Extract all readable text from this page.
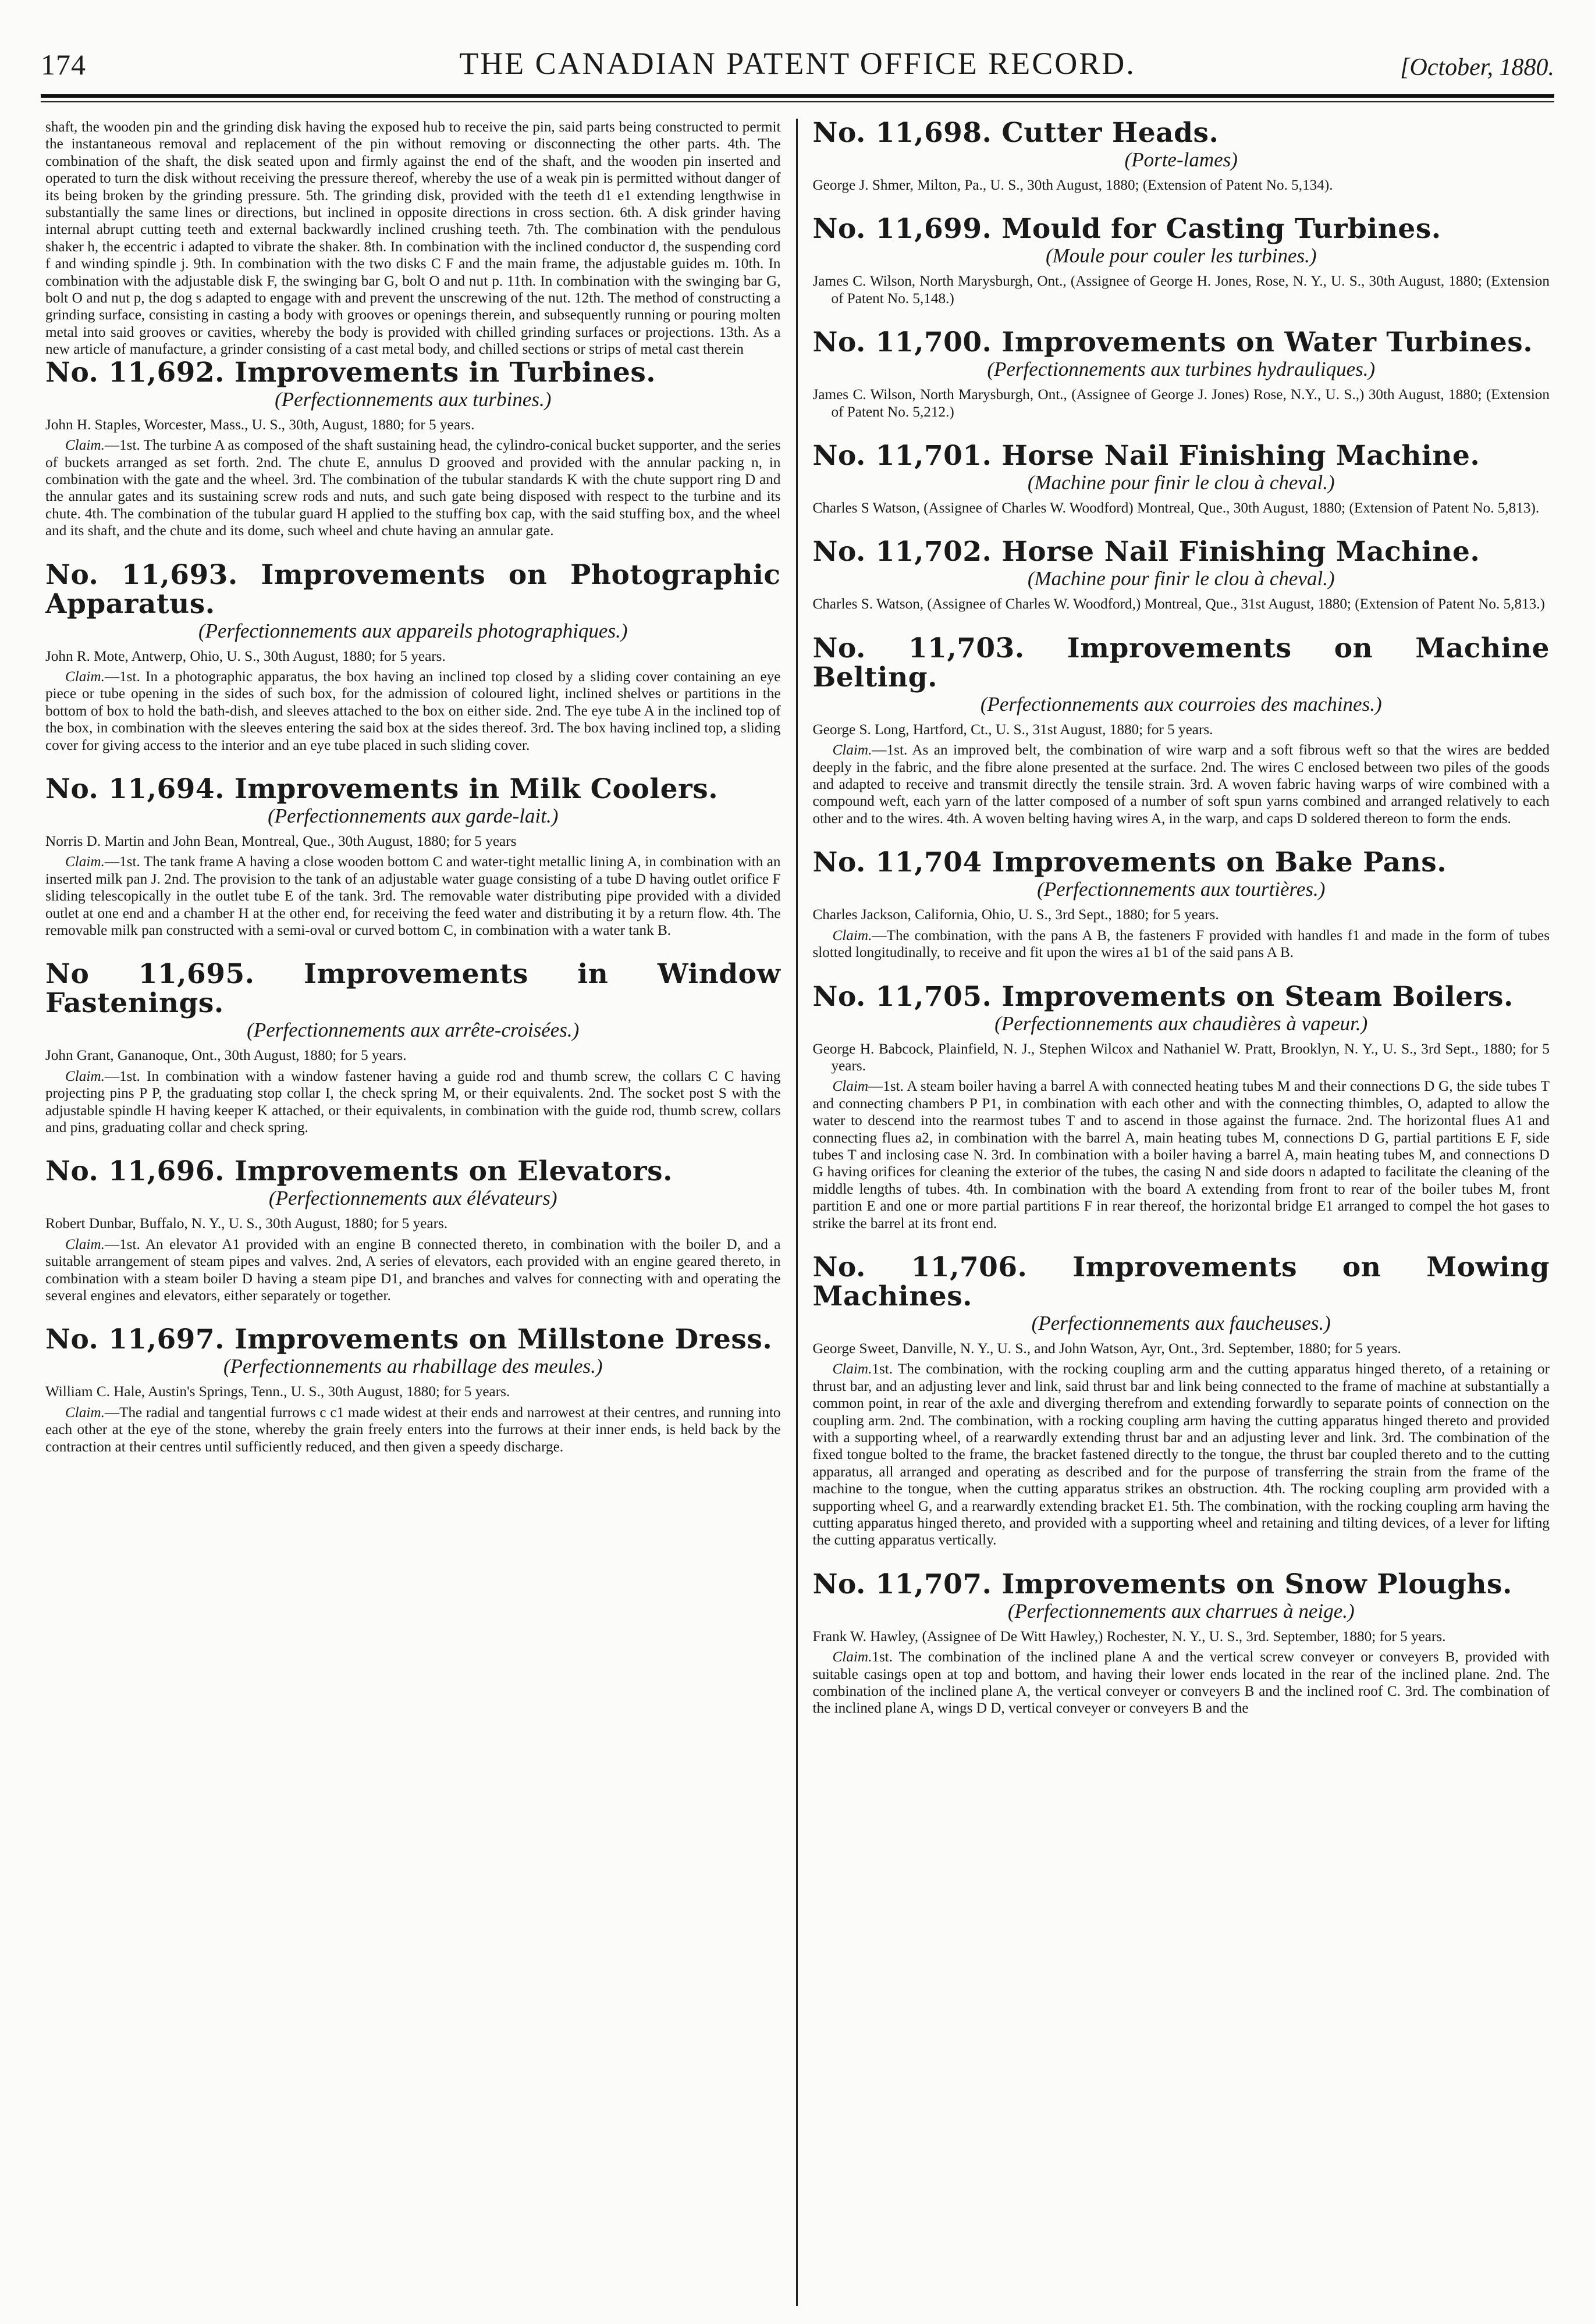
174	THE CANADIAN PATENT OFFICE RECORD.	[October, 1880.

shaft, the wooden pin and the grinding disk having the exposed hub to receive the pin, said parts being constructed to permit the instantaneous removal and replacement of the pin without removing or disconnecting the other parts. 4th. The combination of the shaft, the disk seated upon and firmly against the end of the shaft, and the wooden pin inserted and operated to turn the disk without receiving the pressure thereof, whereby the use of a weak pin is permitted without danger of its being broken by the grinding pressure. 5th. The grinding disk, provided with the teeth d1 e1 extending lengthwise in substantially the same lines or directions, but inclined in opposite directions in cross section. 6th. A disk grinder having internal abrupt cutting teeth and external backwardly inclined crushing teeth. 7th. The combination with the pendulous shaker h, the eccentric i adapted to vibrate the shaker. 8th. In combination with the inclined conductor d, the suspending cord f and winding spindle j. 9th. In combination with the two disks C F and the main frame, the adjustable guides m. 10th. In combination with the adjustable disk F, the swinging bar G, bolt O and nut p. 11th. In combination with the swinging bar G, bolt O and nut p, the dog s adapted to engage with and prevent the unscrewing of the nut. 12th. The method of constructing a grinding surface, consisting in casting a body with grooves or openings therein, and subsequently running or pouring molten metal into said grooves or cavities, whereby the body is provided with chilled grinding surfaces or projections. 13th. As a new article of manufacture, a grinder consisting of a cast metal body, and chilled sections or strips of metal cast therein

No. 11,692. Improvements in Turbines.

(Perfectionnements aux turbines.)

John H. Staples, Worcester, Mass., U. S., 30th, August, 1880; for 5 years.

Claim.—1st. The turbine A as composed of the shaft sustaining head, the cylindro-conical bucket supporter, and the series of buckets arranged as set forth. 2nd. The chute E, annulus D grooved and provided with the annular packing n, in combination with the gate and the wheel. 3rd. The combination of the tubular standards K with the chute support ring D and the annular gates and its sustaining screw rods and nuts, and such gate being disposed with respect to the turbine and its chute. 4th. The combination of the tubular guard H applied to the stuffing box cap, with the said stuffing box, and the wheel and its shaft, and the chute and its dome, such wheel and chute having an annular gate.

No. 11,693. Improvements on Photographic Apparatus.

(Perfectionnements aux appareils photographiques.)

John R. Mote, Antwerp, Ohio, U. S., 30th August, 1880; for 5 years.

Claim.—1st. In a photographic apparatus, the box having an inclined top closed by a sliding cover containing an eye piece or tube opening in the sides of such box, for the admission of coloured light, inclined shelves or partitions in the bottom of box to hold the bath-dish, and sleeves attached to the box on either side. 2nd. The eye tube A in the inclined top of the box, in combination with the sleeves entering the said box at the sides thereof. 3rd. The box having inclined top, a sliding cover for giving access to the interior and an eye tube placed in such sliding cover.

No. 11,694. Improvements in Milk Coolers.

(Perfectionnements aux garde-lait.)

Norris D. Martin and John Bean, Montreal, Que., 30th August, 1880; for 5 years

Claim.—1st. The tank frame A having a close wooden bottom C and water-tight metallic lining A, in combination with an inserted milk pan J. 2nd. The provision to the tank of an adjustable water guage consisting of a tube D having outlet orifice F sliding telescopically in the outlet tube E of the tank. 3rd. The removable water distributing pipe provided with a divided outlet at one end and a chamber H at the other end, for receiving the feed water and distributing it by a return flow. 4th. The removable milk pan constructed with a semi-oval or curved bottom C, in combination with a water tank B.

No 11,695. Improvements in Window Fastenings.

(Perfectionnements aux arrête-croisées.)

John Grant, Gananoque, Ont., 30th August, 1880; for 5 years.

Claim.—1st. In combination with a window fastener having a guide rod and thumb screw, the collars C C having projecting pins P P, the graduating stop collar I, the check spring M, or their equivalents. 2nd. The socket post S with the adjustable spindle H having keeper K attached, or their equivalents, in combination with the guide rod, thumb screw, collars and pins, graduating collar and check spring.

No. 11,696. Improvements on Elevators.

(Perfectionnements aux élévateurs)

Robert Dunbar, Buffalo, N. Y., U. S., 30th August, 1880; for 5 years.

Claim.—1st. An elevator A1 provided with an engine B connected thereto, in combination with the boiler D, and a suitable arrangement of steam pipes and valves. 2nd, A series of elevators, each provided with an engine geared thereto, in combination with a steam boiler D having a steam pipe D1, and branches and valves for connecting with and operating the several engines and elevators, either separately or together.

No. 11,697. Improvements on Millstone Dress.

(Perfectionnements au rhabillage des meules.)

William C. Hale, Austin's Springs, Tenn., U. S., 30th August, 1880; for 5 years.

Claim.—The radial and tangential furrows c c1 made widest at their ends and narrowest at their centres, and running into each other at the eye of the stone, whereby the grain freely enters into the furrows at their inner ends, is held back by the contraction at their centres until sufficiently reduced, and then given a speedy discharge.

No. 11,698. Cutter Heads.

(Porte-lames)

George J. Shmer, Milton, Pa., U. S., 30th August, 1880; (Extension of Patent No. 5,134).

No. 11,699. Mould for Casting Turbines.

(Moule pour couler les turbines.)

James C. Wilson, North Marysburgh, Ont., (Assignee of George H. Jones, Rose, N. Y., U. S., 30th August, 1880; (Extension of Patent No. 5,148.)

No. 11,700. Improvements on Water Turbines.

(Perfectionnements aux turbines hydrauliques.)

James C. Wilson, North Marysburgh, Ont., (Assignee of George J. Jones) Rose, N.Y., U. S.,) 30th August, 1880; (Extension of Patent No. 5,212.)

No. 11,701. Horse Nail Finishing Machine.

(Machine pour finir le clou à cheval.)

Charles S Watson, (Assignee of Charles W. Woodford) Montreal, Que., 30th August, 1880; (Extension of Patent No. 5,813).

No. 11,702. Horse Nail Finishing Machine.

(Machine pour finir le clou à cheval.)

Charles S. Watson, (Assignee of Charles W. Woodford,) Montreal, Que., 31st August, 1880; (Extension of Patent No. 5,813.)

No. 11,703. Improvements on Machine Belting.

(Perfectionnements aux courroies des machines.)

George S. Long, Hartford, Ct., U. S., 31st August, 1880; for 5 years.

Claim.—1st. As an improved belt, the combination of wire warp and a soft fibrous weft so that the wires are bedded deeply in the fabric, and the fibre alone presented at the surface. 2nd. The wires C enclosed between two piles of the goods and adapted to receive and transmit directly the tensile strain. 3rd. A woven fabric having warps of wire combined with a compound weft, each yarn of the latter composed of a number of soft spun yarns combined and arranged relatively to each other and to the wires. 4th. A woven belting having wires A, in the warp, and caps D soldered thereon to form the ends.

No. 11,704 Improvements on Bake Pans.

(Perfectionnements aux tourtières.)

Charles Jackson, California, Ohio, U. S., 3rd Sept., 1880; for 5 years.

Claim.—The combination, with the pans A B, the fasteners F provided with handles f1 and made in the form of tubes slotted longitudinally, to receive and fit upon the wires a1 b1 of the said pans A B.

No. 11,705. Improvements on Steam Boilers.

(Perfectionnements aux chaudières à vapeur.)

George H. Babcock, Plainfield, N. J., Stephen Wilcox and Nathaniel W. Pratt, Brooklyn, N. Y., U. S., 3rd Sept., 1880; for 5 years.

Claim—1st. A steam boiler having a barrel A with connected heating tubes M and their connections D G, the side tubes T and connecting chambers P P1, in combination with each other and with the connecting thimbles, O, adapted to allow the water to descend into the rearmost tubes T and to ascend in those against the furnace. 2nd. The horizontal flues A1 and connecting flues a2, in combination with the barrel A, main heating tubes M, connections D G, partial partitions E F, side tubes T and inclosing case N. 3rd. In combination with a boiler having a barrel A, main heating tubes M, and connections D G having orifices for cleaning the exterior of the tubes, the casing N and side doors n adapted to facilitate the cleaning of the middle lengths of tubes. 4th. In combination with the board A extending from front to rear of the boiler tubes M, front partition E and one or more partial partitions F in rear thereof, the horizontal bridge E1 arranged to compel the hot gases to strike the barrel at its front end.

No. 11,706. Improvements on Mowing Machines.

(Perfectionnements aux faucheuses.)

George Sweet, Danville, N. Y., U. S., and John Watson, Ayr, Ont., 3rd. September, 1880; for 5 years.

Claim.1st. The combination, with the rocking coupling arm and the cutting apparatus hinged thereto, of a retaining or thrust bar, and an adjusting lever and link, said thrust bar and link being connected to the frame of machine at substantially a common point, in rear of the axle and diverging therefrom and extending forwardly to separate points of connection on the coupling arm. 2nd. The combination, with a rocking coupling arm having the cutting apparatus hinged thereto and provided with a supporting wheel, of a rearwardly extending thrust bar and an adjusting lever and link. 3rd. The combination of the fixed tongue bolted to the frame, the bracket fastened directly to the tongue, the thrust bar coupled thereto and to the cutting apparatus, all arranged and operating as described and for the purpose of transferring the strain from the frame of the machine to the tongue, when the cutting apparatus strikes an obstruction. 4th. The rocking coupling arm provided with a supporting wheel G, and a rearwardly extending bracket E1. 5th. The combination, with the rocking coupling arm having the cutting apparatus hinged thereto, and provided with a supporting wheel and retaining and tilting devices, of a lever for lifting the cutting apparatus vertically.

No. 11,707. Improvements on Snow Ploughs.

(Perfectionnements aux charrues à neige.)

Frank W. Hawley, (Assignee of De Witt Hawley,) Rochester, N. Y., U. S., 3rd. September, 1880; for 5 years.

Claim.1st. The combination of the inclined plane A and the vertical screw conveyer or conveyers B, provided with suitable casings open at top and bottom, and having their lower ends located in the rear of the inclined plane. 2nd. The combination of the inclined plane A, the vertical conveyer or conveyers B and the inclined roof C. 3rd. The combination of the inclined plane A, wings D D, vertical conveyer or conveyers B and the
